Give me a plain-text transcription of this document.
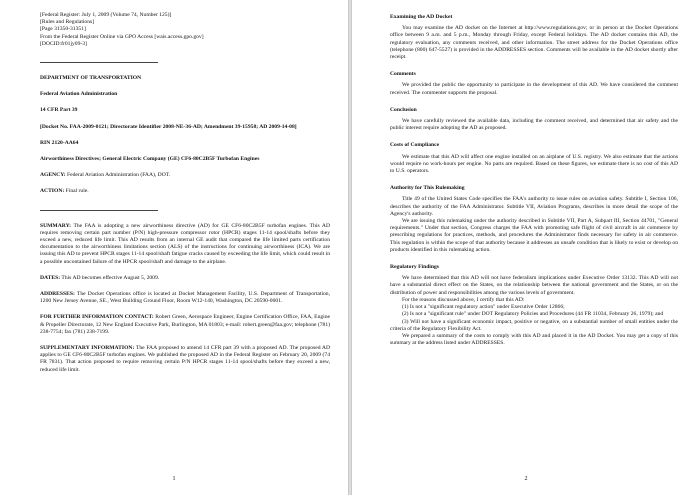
[Federal Register: July 1, 2009 (Volume 74, Number 125)]

[Rules and Regulations]

[Page 31350-31351]

From the Federal Register Online via GPO Access [wais.access.gpo.gov]

[DOCID:fr01jy09-3]

DEPARTMENT OF TRANSPORTATION

Federal Aviation Administration

14 CFR Part 39

[Docket No. FAA-2009-0121; Directorate Identifier 2008-NE-36-AD; Amendment 39-15958; AD 2009-14-08]

RIN 2120-AA64

Airworthiness Directives; General Electric Company (GE) CF6-80C2B5F Turbofan Engines

AGENCY: Federal Aviation Administration (FAA), DOT.

ACTION: Final rule.

SUMMARY: The FAA is adopting a new airworthiness directive (AD) for GE CF6-80C2B5F turbofan engines. This AD requires removing certain part number (P/N) high-pressure compressor rotor (HPCR) stages 11-14 spool/shafts before they exceed a new, reduced life limit. This AD results from an internal GE audit that compared the life limited parts certification documentation to the airworthiness limitations section (ALS) of the instructions for continuing airworthiness (ICA). We are issuing this AD to prevent HPCR stages 11-14 spool/shaft fatigue cracks caused by exceeding the life limit, which could result in a possible uncontained failure of the HPCR spool/shaft and damage to the airplane.

DATES: This AD becomes effective August 5, 2009.

ADDRESSES: The Docket Operations office is located at Docket Management Facility, U.S. Department of Transportation, 1200 New Jersey Avenue, SE., West Building Ground Floor, Room W12-140, Washington, DC 20590-0001.

FOR FURTHER INFORMATION CONTACT: Robert Green, Aerospace Engineer, Engine Certification Office, FAA, Engine & Propeller Directorate, 12 New England Executive Park, Burlington, MA 01803; e-mail: robert.green@faa.gov; telephone (781) 238-7754; fax (781) 238-7199.

SUPPLEMENTARY INFORMATION: The FAA proposed to amend 14 CFR part 39 with a proposed AD. The proposed AD applies to GE CF6-80C2B5F turbofan engines. We published the proposed AD in the Federal Register on February 20, 2009 (74 FR 7831). That action proposed to require removing certain P/N HPCR stages 11-14 spool/shafts before they exceed a new, reduced life limit.

1

Examining the AD Docket

You may examine the AD docket on the Internet at http://www.regulations.gov; or in person at the Docket Operations office between 9 a.m. and 5 p.m., Monday through Friday, except Federal holidays. The AD docket contains this AD, the regulatory evaluation, any comments received, and other information. The street address for the Docket Operations office (telephone (800) 647-5527) is provided in the ADDRESSES section. Comments will be available in the AD docket shortly after receipt.

Comments

We provided the public the opportunity to participate in the development of this AD. We have considered the comment received. The commenter supports the proposal.

Conclusion

We have carefully reviewed the available data, including the comment received, and determined that air safety and the public interest require adopting the AD as proposed.

Costs of Compliance

We estimate that this AD will affect one engine installed on an airplane of U.S. registry. We also estimate that the actions would require no work-hours per engine. No parts are required. Based on these figures, we estimate there is no cost of this AD to U.S. operators.

Authority for This Rulemaking

Title 49 of the United States Code specifies the FAA's authority to issue rules on aviation safety. Subtitle I, Section 106, describes the authority of the FAA Administrator. Subtitle VII, Aviation Programs, describes in more detail the scope of the Agency's authority.

We are issuing this rulemaking under the authority described in Subtitle VII, Part A, Subpart III, Section 44701, "General requirements." Under that section, Congress charges the FAA with promoting safe flight of civil aircraft in air commerce by prescribing regulations for practices, methods, and procedures the Administrator finds necessary for safety in air commerce. This regulation is within the scope of that authority because it addresses an unsafe condition that is likely to exist or develop on products identified in this rulemaking action.

Regulatory Findings

We have determined that this AD will not have federalism implications under Executive Order 13132. This AD will not have a substantial direct effect on the States, on the relationship between the national government and the States, or on the distribution of power and responsibilities among the various levels of government.

For the reasons discussed above, I certify that this AD:

(1) Is not a "significant regulatory action" under Executive Order 12866;

(2) Is not a "significant rule" under DOT Regulatory Policies and Procedures (44 FR 11034, February 26, 1979); and

(3) Will not have a significant economic impact, positive or negative, on a substantial number of small entities under the criteria of the Regulatory Flexibility Act.

We prepared a summary of the costs to comply with this AD and placed it in the AD Docket. You may get a copy of this summary at the address listed under ADDRESSES.

2
